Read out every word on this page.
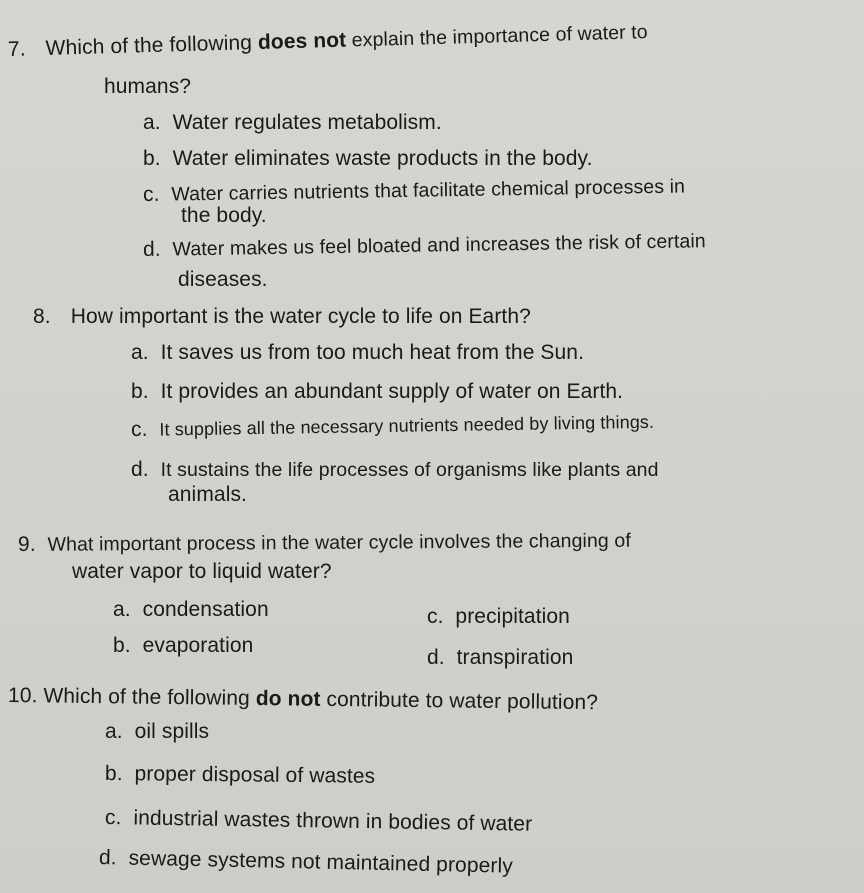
7. Which of the following does not explain the importance of water to
humans?
a. Water regulates metabolism.
b. Water eliminates waste products in the body.
c. Water carries nutrients that facilitate chemical processes in
the body.
d. Water makes us feel bloated and increases the risk of certain
diseases.
8. How important is the water cycle to life on Earth?
a. It saves us from too much heat from the Sun.
b. It provides an abundant supply of water on Earth.
c. It supplies all the necessary nutrients needed by living things.
d. It sustains the life processes of organisms like plants and
animals.
9. What important process in the water cycle involves the changing of
water vapor to liquid water?
a. condensation	c. precipitation
b. evaporation
d. transpiration
10. Which of the following do not contribute to water pollution?
a. oil spills
b. proper disposal of wastes
c. industrial wastes thrown in bodies of water
d. sewage systems not maintained properly
